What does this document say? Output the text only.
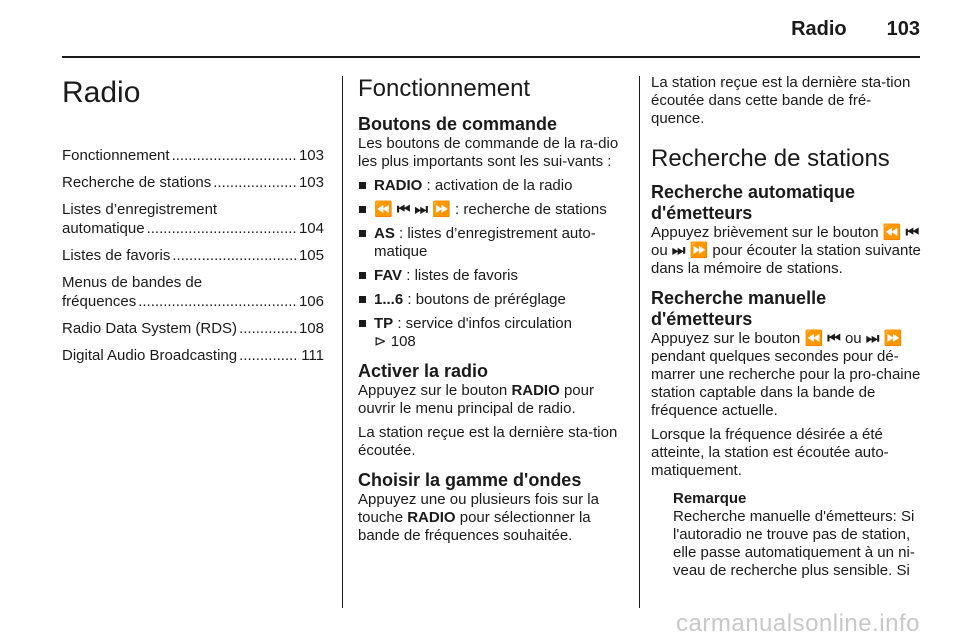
Radio 103
Radio
Fonctionnement .....	103
Recherche de stations .....	103
Listes d’enregistrement
automatique .....	104
Listes de favoris .....	105
Menus de bandes de
fréquences .....	106
Radio Data System (RDS) .....	108
Digital Audio Broadcasting .....	111
Fonctionnement
Boutons de commande

Les boutons de commande de la ra-dio les plus importants sont les sui-vants :

RADIO : activation de la radio
⏪ ⏮ ⏭ ⏩ : recherche de stations
AS : listes d’enregistrement auto-matique
FAV : listes de favoris
1...6 : boutons de préréglage
TP : service d'infos circulation
⊳ 108
Activer la radio

Appuyez sur le bouton RADIO pour ouvrir le menu principal de radio.

La station reçue est la dernière sta-tion écoutée.

Choisir la gamme d'ondes

Appuyez une ou plusieurs fois sur la touche RADIO pour sélectionner la bande de fréquences souhaitée.

La station reçue est la dernière sta-tion écoutée dans cette bande de fré-quence.

Recherche de stations
Recherche automatique
d'émetteurs

Appuyez brièvement sur le bouton ⏪ ⏮ ou ⏭ ⏩ pour écouter la station suivante dans la mémoire de stations.

Recherche manuelle
d'émetteurs

Appuyez sur le bouton ⏪ ⏮ ou ⏭ ⏩ pendant quelques secondes pour dé-marrer une recherche pour la pro-chaine station captable dans la bande de fréquence actuelle.

Lorsque la fréquence désirée a été atteinte, la station est écoutée auto-matiquement.

Remarque

Recherche manuelle d'émetteurs: Si l'autoradio ne trouve pas de station, elle passe automatiquement à un ni-veau de recherche plus sensible. Si

carmanualsonline.info
